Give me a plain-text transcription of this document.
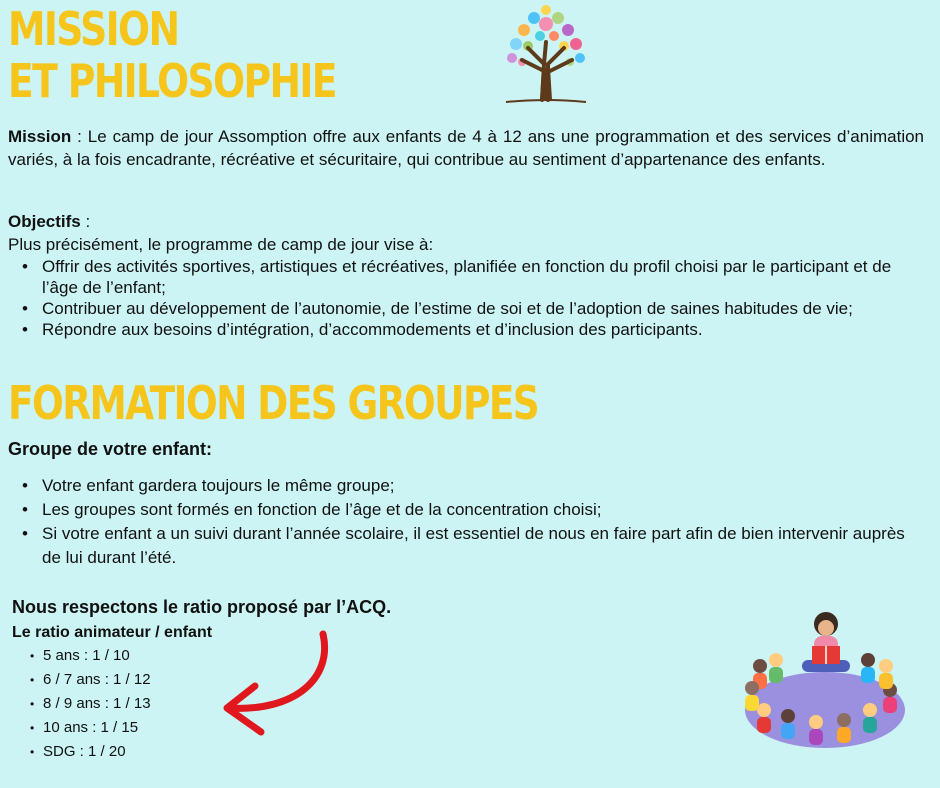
MISSION
ET PHILOSOPHIE

Mission : Le camp de jour Assomption offre aux enfants de 4 à 12 ans une programmation et des services d’animation variés, à la fois encadrante, récréative et sécuritaire, qui contribue au sentiment d’appartenance des enfants.

Objectifs :
Plus précisément, le programme de camp de jour vise à:
• Offrir des activités sportives, artistiques et récréatives, planifiée en fonction du profil choisi par le participant et de l’âge de l’enfant;
• Contribuer au développement de l’autonomie, de l’estime de soi et de l’adoption de saines habitudes de vie;
• Répondre aux besoins d’intégration, d’accommodements et d’inclusion des participants.
FORMATION DES GROUPES

Groupe de votre enfant:

• Votre enfant gardera toujours le même groupe;
• Les groupes sont formés en fonction de l’âge et de la concentration choisi;
• Si votre enfant a un suivi durant l’année scolaire, il est essentiel de nous en faire part afin de bien intervenir auprès de lui durant l’été.

Nous respectons le ratio proposé par l’ACQ.

Le ratio animateur / enfant

• 5 ans : 1 / 10
• 6 / 7 ans : 1 / 12
• 8 / 9 ans : 1 / 13
• 10 ans : 1 / 15
• SDG : 1 / 20
